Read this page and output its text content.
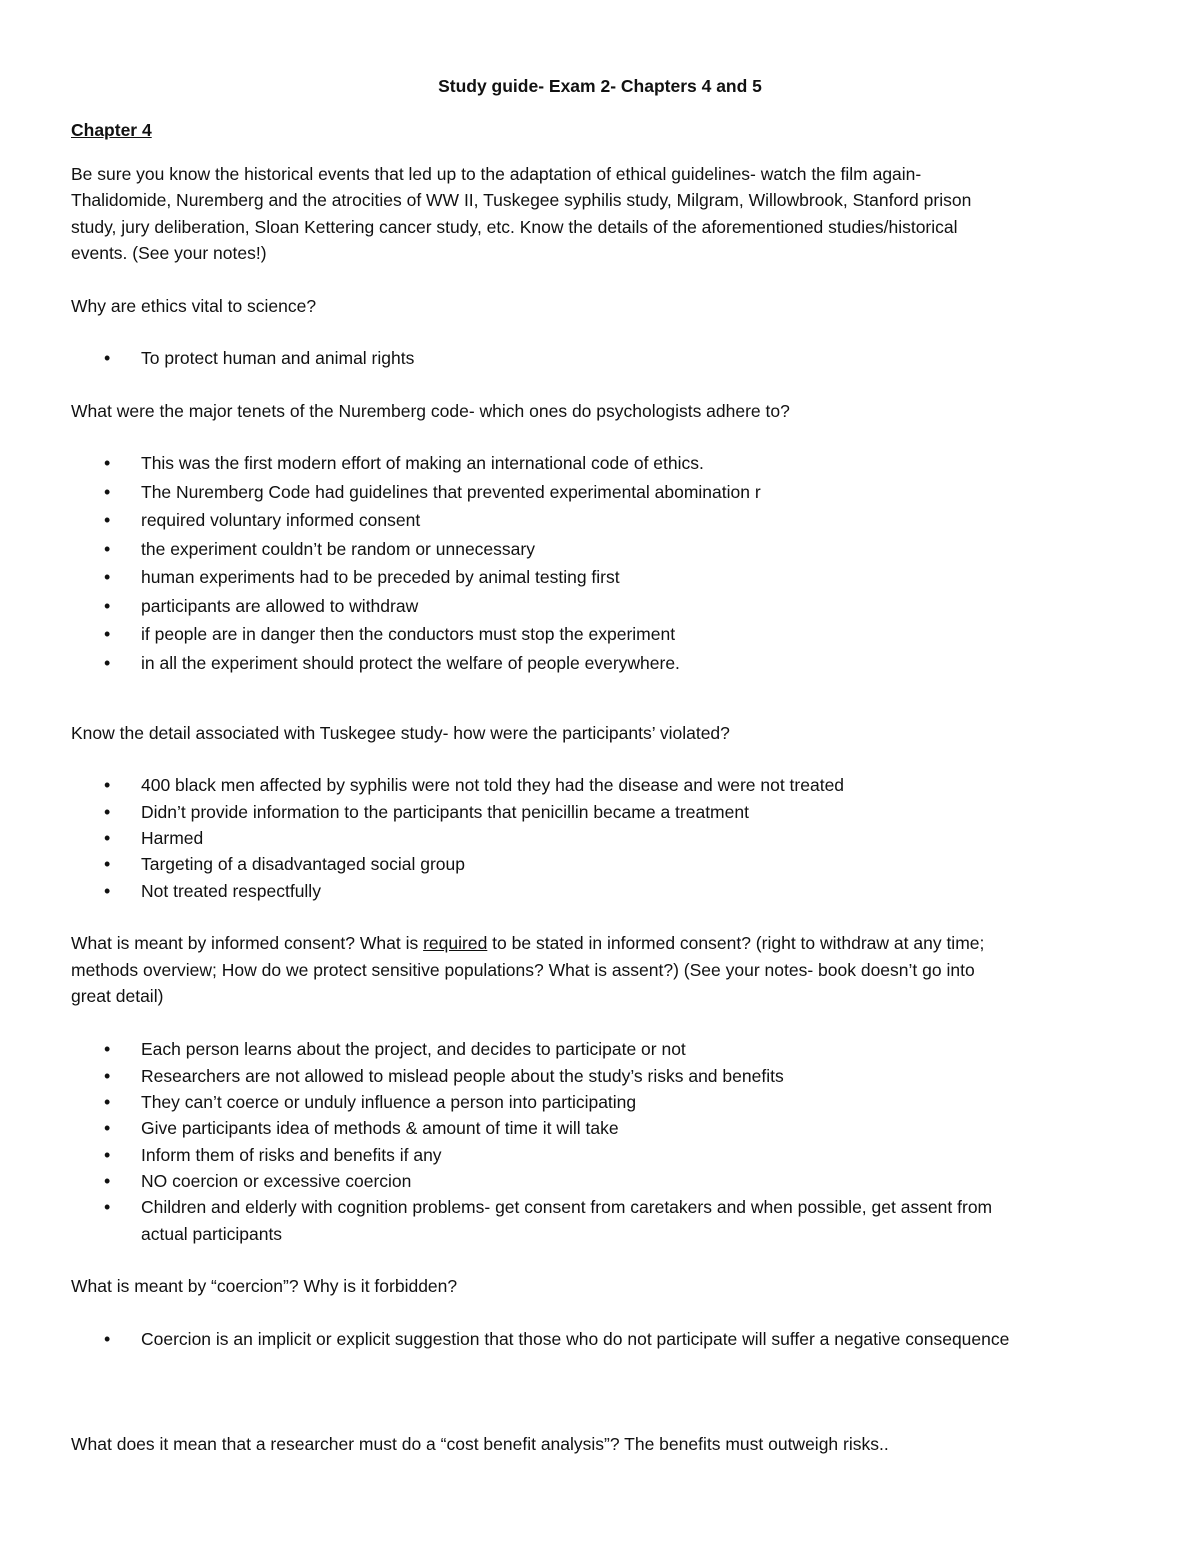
Study guide- Exam 2- Chapters 4 and 5
Chapter 4
Be sure you know the historical events that led up to the adaptation of ethical guidelines- watch the film again-
Thalidomide, Nuremberg and the atrocities of WW II, Tuskegee syphilis study, Milgram, Willowbrook, Stanford prison
study, jury deliberation, Sloan Kettering cancer study, etc. Know the details of the aforementioned studies/historical
events. (See your notes!)
Why are ethics vital to science?
• To protect human and animal rights
What were the major tenets of the Nuremberg code- which ones do psychologists adhere to?
• This was the first modern effort of making an international code of ethics.
• The Nuremberg Code had guidelines that prevented experimental abomination r
• required voluntary informed consent
• the experiment couldn’t be random or unnecessary
• human experiments had to be preceded by animal testing first
• participants are allowed to withdraw
• if people are in danger then the conductors must stop the experiment
• in all the experiment should protect the welfare of people everywhere.
Know the detail associated with Tuskegee study- how were the participants’ violated?
• 400 black men affected by syphilis were not told they had the disease and were not treated
• Didn’t provide information to the participants that penicillin became a treatment
• Harmed
• Targeting of a disadvantaged social group
• Not treated respectfully
What is meant by informed consent? What is required to be stated in informed consent? (right to withdraw at any time;
methods overview; How do we protect sensitive populations? What is assent?) (See your notes- book doesn’t go into
great detail)
• Each person learns about the project, and decides to participate or not
• Researchers are not allowed to mislead people about the study’s risks and benefits
• They can’t coerce or unduly influence a person into participating
• Give participants idea of methods & amount of time it will take
• Inform them of risks and benefits if any
• NO coercion or excessive coercion
• Children and elderly with cognition problems- get consent from caretakers and when possible, get assent from
actual participants
What is meant by “coercion”? Why is it forbidden?
• Coercion is an implicit or explicit suggestion that those who do not participate will suffer a negative consequence
What does it mean that a researcher must do a “cost benefit analysis”? The benefits must outweigh risks..
